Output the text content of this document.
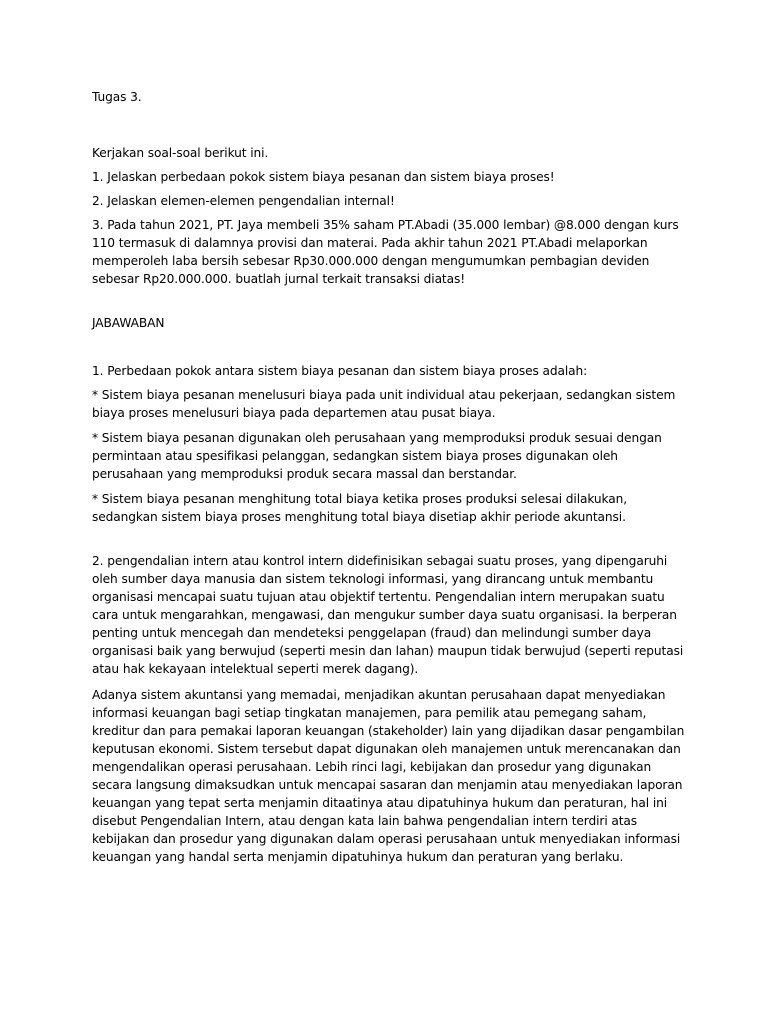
Tugas 3.

Kerjakan soal-soal berikut ini.

1. Jelaskan perbedaan pokok sistem biaya pesanan dan sistem biaya proses!

2. Jelaskan elemen-elemen pengendalian internal!

3. Pada tahun 2021, PT. Jaya membeli 35% saham PT.Abadi (35.000 lembar) @8.000 dengan kurs 110 termasuk di dalamnya provisi dan materai. Pada akhir tahun 2021 PT.Abadi melaporkan memperoleh laba bersih sebesar Rp30.000.000 dengan mengumumkan pembagian deviden sebesar Rp20.000.000. buatlah jurnal terkait transaksi diatas!

JABAWABAN

1. Perbedaan pokok antara sistem biaya pesanan dan sistem biaya proses adalah:

* Sistem biaya pesanan menelusuri biaya pada unit individual atau pekerjaan, sedangkan sistem biaya proses menelusuri biaya pada departemen atau pusat biaya.

* Sistem biaya pesanan digunakan oleh perusahaan yang memproduksi produk sesuai dengan permintaan atau spesifikasi pelanggan, sedangkan sistem biaya proses digunakan oleh perusahaan yang memproduksi produk secara massal dan berstandar.

* Sistem biaya pesanan menghitung total biaya ketika proses produksi selesai dilakukan, sedangkan sistem biaya proses menghitung total biaya disetiap akhir periode akuntansi.

2. pengendalian intern atau kontrol intern didefinisikan sebagai suatu proses, yang dipengaruhi oleh sumber daya manusia dan sistem teknologi informasi, yang dirancang untuk membantu organisasi mencapai suatu tujuan atau objektif tertentu. Pengendalian intern merupakan suatu cara untuk mengarahkan, mengawasi, dan mengukur sumber daya suatu organisasi. Ia berperan penting untuk mencegah dan mendeteksi penggelapan (fraud) dan melindungi sumber daya organisasi baik yang berwujud (seperti mesin dan lahan) maupun tidak berwujud (seperti reputasi atau hak kekayaan intelektual seperti merek dagang).

Adanya sistem akuntansi yang memadai, menjadikan akuntan perusahaan dapat menyediakan informasi keuangan bagi setiap tingkatan manajemen, para pemilik atau pemegang saham, kreditur dan para pemakai laporan keuangan (stakeholder) lain yang dijadikan dasar pengambilan keputusan ekonomi. Sistem tersebut dapat digunakan oleh manajemen untuk merencanakan dan mengendalikan operasi perusahaan. Lebih rinci lagi, kebijakan dan prosedur yang digunakan secara langsung dimaksudkan untuk mencapai sasaran dan menjamin atau menyediakan laporan keuangan yang tepat serta menjamin ditaatinya atau dipatuhinya hukum dan peraturan, hal ini disebut Pengendalian Intern, atau dengan kata lain bahwa pengendalian intern terdiri atas kebijakan dan prosedur yang digunakan dalam operasi perusahaan untuk menyediakan informasi keuangan yang handal serta menjamin dipatuhinya hukum dan peraturan yang berlaku.
